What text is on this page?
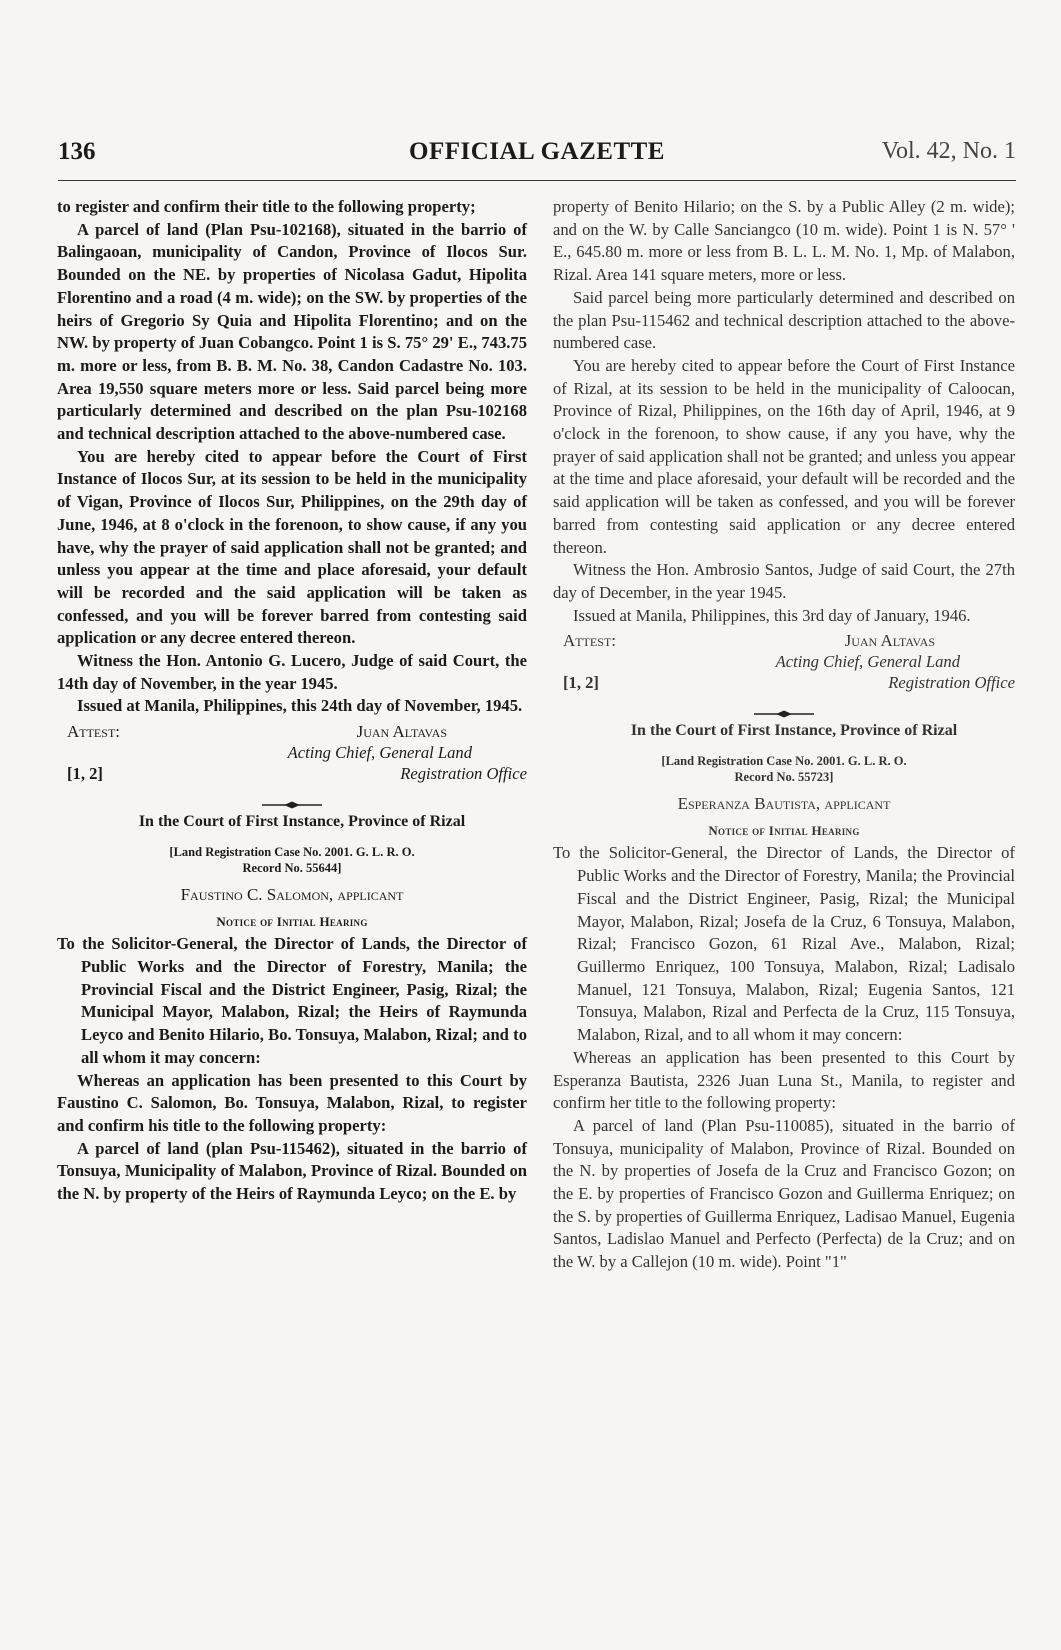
136	OFFICIAL GAZETTE	Vol. 42, No. 1

to register and confirm their title to the following property;

A parcel of land (Plan Psu-102168), situated in the barrio of Balingaoan, municipality of Candon, Province of Ilocos Sur. Bounded on the NE. by properties of Nicolasa Gadut, Hipolita Florentino and a road (4 m. wide); on the SW. by properties of the heirs of Gregorio Sy Quia and Hipolita Florentino; and on the NW. by property of Juan Cobangco. Point 1 is S. 75° 29' E., 743.75 m. more or less, from B. B. M. No. 38, Candon Cadastre No. 103. Area 19,550 square meters more or less. Said parcel being more particularly determined and described on the plan Psu-102168 and technical description attached to the above-numbered case.

You are hereby cited to appear before the Court of First Instance of Ilocos Sur, at its session to be held in the municipality of Vigan, Province of Ilocos Sur, Philippines, on the 29th day of June, 1946, at 8 o'clock in the forenoon, to show cause, if any you have, why the prayer of said application shall not be granted; and unless you appear at the time and place aforesaid, your default will be recorded and the said application will be taken as confessed, and you will be forever barred from contesting said application or any decree entered thereon.

Witness the Hon. Antonio G. Lucero, Judge of said Court, the 14th day of November, in the year 1945.

Issued at Manila, Philippines, this 24th day of November, 1945.

Attest:	Juan Altavas
Acting Chief, General Land
Registration Office
[1, 2]

In the Court of First Instance, Province of Rizal

[Land Registration Case No. 2001. G. L. R. O.
Record No. 55644]
Faustino C. Salomon, applicant
Notice of Initial Hearing

To the Solicitor-General, the Director of Lands, the Director of Public Works and the Director of Forestry, Manila; the Provincial Fiscal and the District Engineer, Pasig, Rizal; the Municipal Mayor, Malabon, Rizal; the Heirs of Raymunda Leyco and Benito Hilario, Bo. Tonsuya, Malabon, Rizal; and to all whom it may concern:

Whereas an application has been presented to this Court by Faustino C. Salomon, Bo. Tonsuya, Malabon, Rizal, to register and confirm his title to the following property:

A parcel of land (plan Psu-115462), situated in the barrio of Tonsuya, Municipality of Malabon, Province of Rizal. Bounded on the N. by property of the Heirs of Raymunda Leyco; on the E. by

property of Benito Hilario; on the S. by a Public Alley (2 m. wide); and on the W. by Calle Sanciangco (10 m. wide). Point 1 is N. 57° ' E., 645.80 m. more or less from B. L. L. M. No. 1, Mp. of Malabon, Rizal. Area 141 square meters, more or less.

Said parcel being more particularly determined and described on the plan Psu-115462 and technical description attached to the above-numbered case.

You are hereby cited to appear before the Court of First Instance of Rizal, at its session to be held in the municipality of Caloocan, Province of Rizal, Philippines, on the 16th day of April, 1946, at 9 o'clock in the forenoon, to show cause, if any you have, why the prayer of said application shall not be granted; and unless you appear at the time and place aforesaid, your default will be recorded and the said application will be taken as confessed, and you will be forever barred from contesting said application or any decree entered thereon.

Witness the Hon. Ambrosio Santos, Judge of said Court, the 27th day of December, in the year 1945.

Issued at Manila, Philippines, this 3rd day of January, 1946.

Attest:	Juan Altavas
Acting Chief, General Land
Registration Office
[1, 2]

In the Court of First Instance, Province of Rizal

[Land Registration Case No. 2001. G. L. R. O.
Record No. 55723]
Esperanza Bautista, applicant
Notice of Initial Hearing

To the Solicitor-General, the Director of Lands, the Director of Public Works and the Director of Forestry, Manila; the Provincial Fiscal and the District Engineer, Pasig, Rizal; the Municipal Mayor, Malabon, Rizal; Josefa de la Cruz, 6 Tonsuya, Malabon, Rizal; Francisco Gozon, 61 Rizal Ave., Malabon, Rizal; Guillermo Enriquez, 100 Tonsuya, Malabon, Rizal; Ladisalo Manuel, 121 Tonsuya, Malabon, Rizal; Eugenia Santos, 121 Tonsuya, Malabon, Rizal and Perfecta de la Cruz, 115 Tonsuya, Malabon, Rizal, and to all whom it may concern:

Whereas an application has been presented to this Court by Esperanza Bautista, 2326 Juan Luna St., Manila, to register and confirm her title to the following property:

A parcel of land (Plan Psu-110085), situated in the barrio of Tonsuya, municipality of Malabon, Province of Rizal. Bounded on the N. by properties of Josefa de la Cruz and Francisco Gozon; on the E. by properties of Francisco Gozon and Guillerma Enriquez; on the S. by properties of Guillerma Enriquez, Ladisao Manuel, Eugenia Santos, Ladislao Manuel and Perfecto (Perfecta) de la Cruz; and on the W. by a Callejon (10 m. wide). Point "1"
